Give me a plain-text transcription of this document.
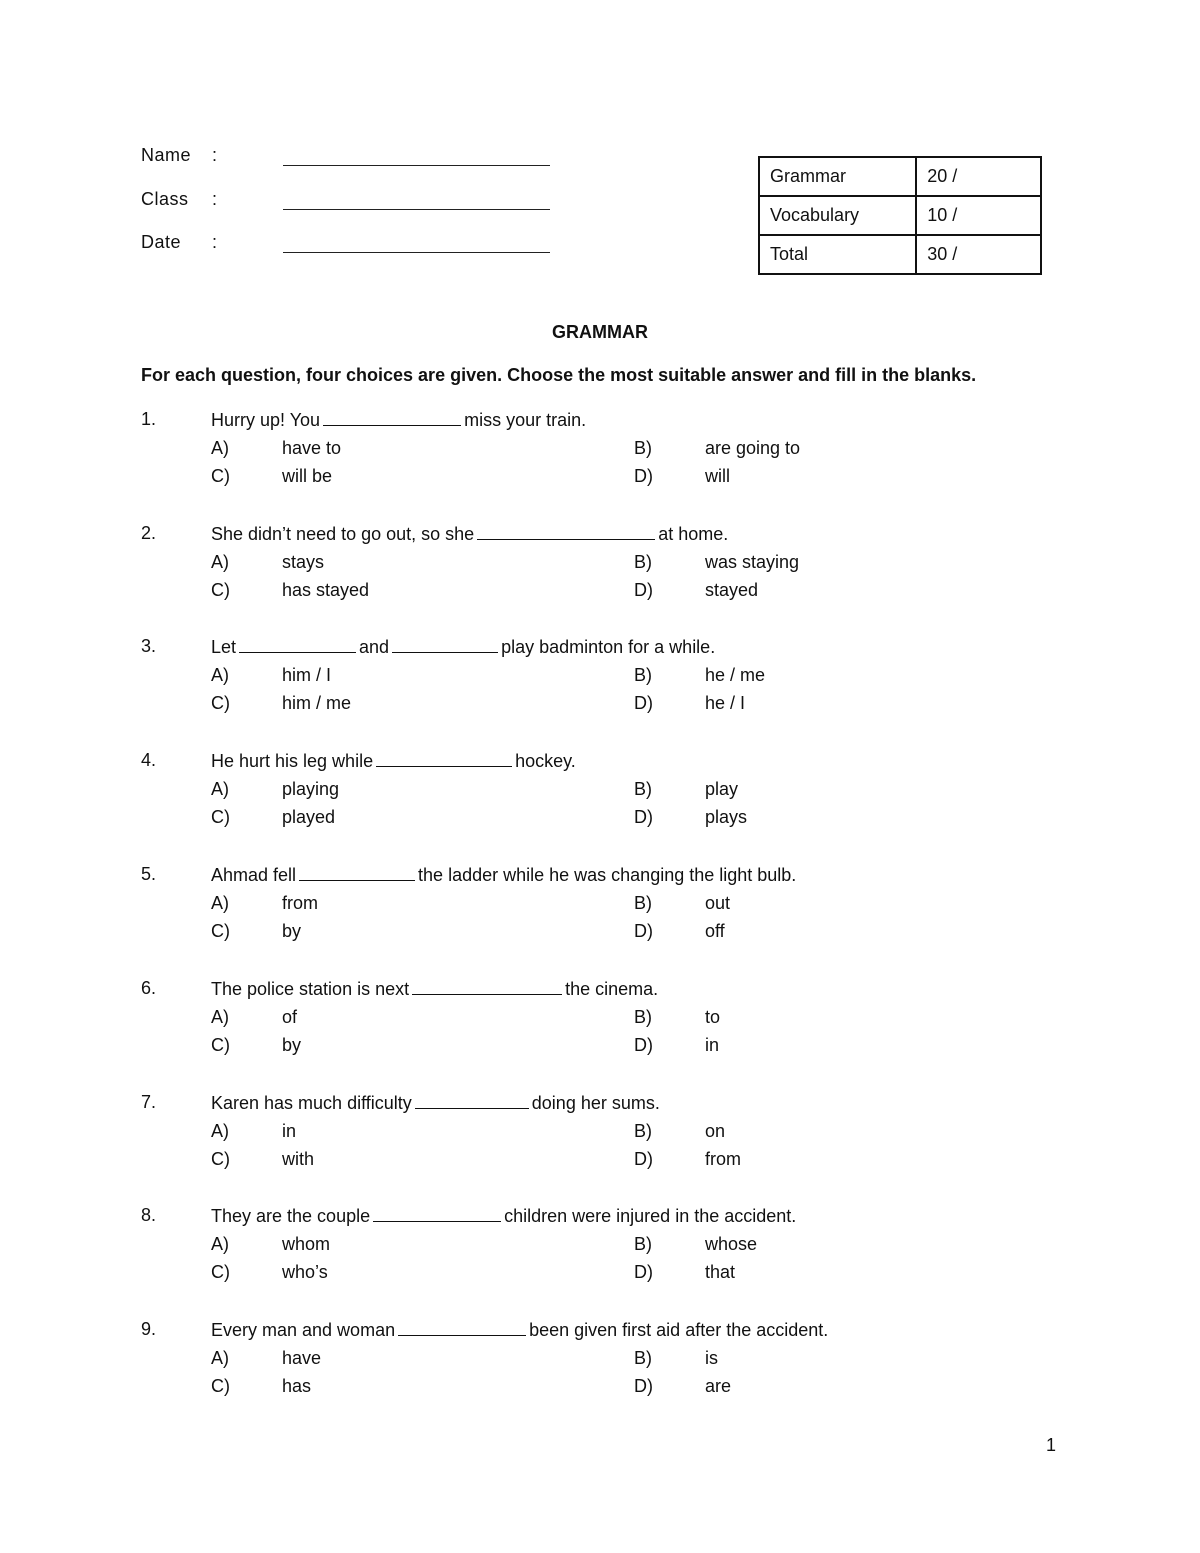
Name :
Class :
Date :
Grammar	20 /
Vocabulary	10 /
Total	30 /
GRAMMAR
For each question, four choices are given. Choose the most suitable answer and fill in the blanks.
1.	Hurry up! You	miss your train.
A)	have to	B)	are going to
C)	will be	D)	will
2.	She didn’t need to go out, so she	at home.
A)	stays	B)	was staying
C)	has stayed	D)	stayed
3.	Let	and	play badminton for a while.
A)	him / I	B)	he / me
C)	him / me	D)	he / I
4.	He hurt his leg while	hockey.
A)	playing	B)	play
C)	played	D)	plays
5.	Ahmad fell	the ladder while he was changing the light bulb.
A)	from	B)	out
C)	by	D)	off
6.	The police station is next	the cinema.
A)	of	B)	to
C)	by	D)	in
7.	Karen has much difficulty	doing her sums.
A)	in	B)	on
C)	with	D)	from
8.	They are the couple	children were injured in the accident.
A)	whom	B)	whose
C)	who’s	D)	that
9.	Every man and woman	been given first aid after the accident.
A)	have	B)	is
C)	has	D)	are
1
